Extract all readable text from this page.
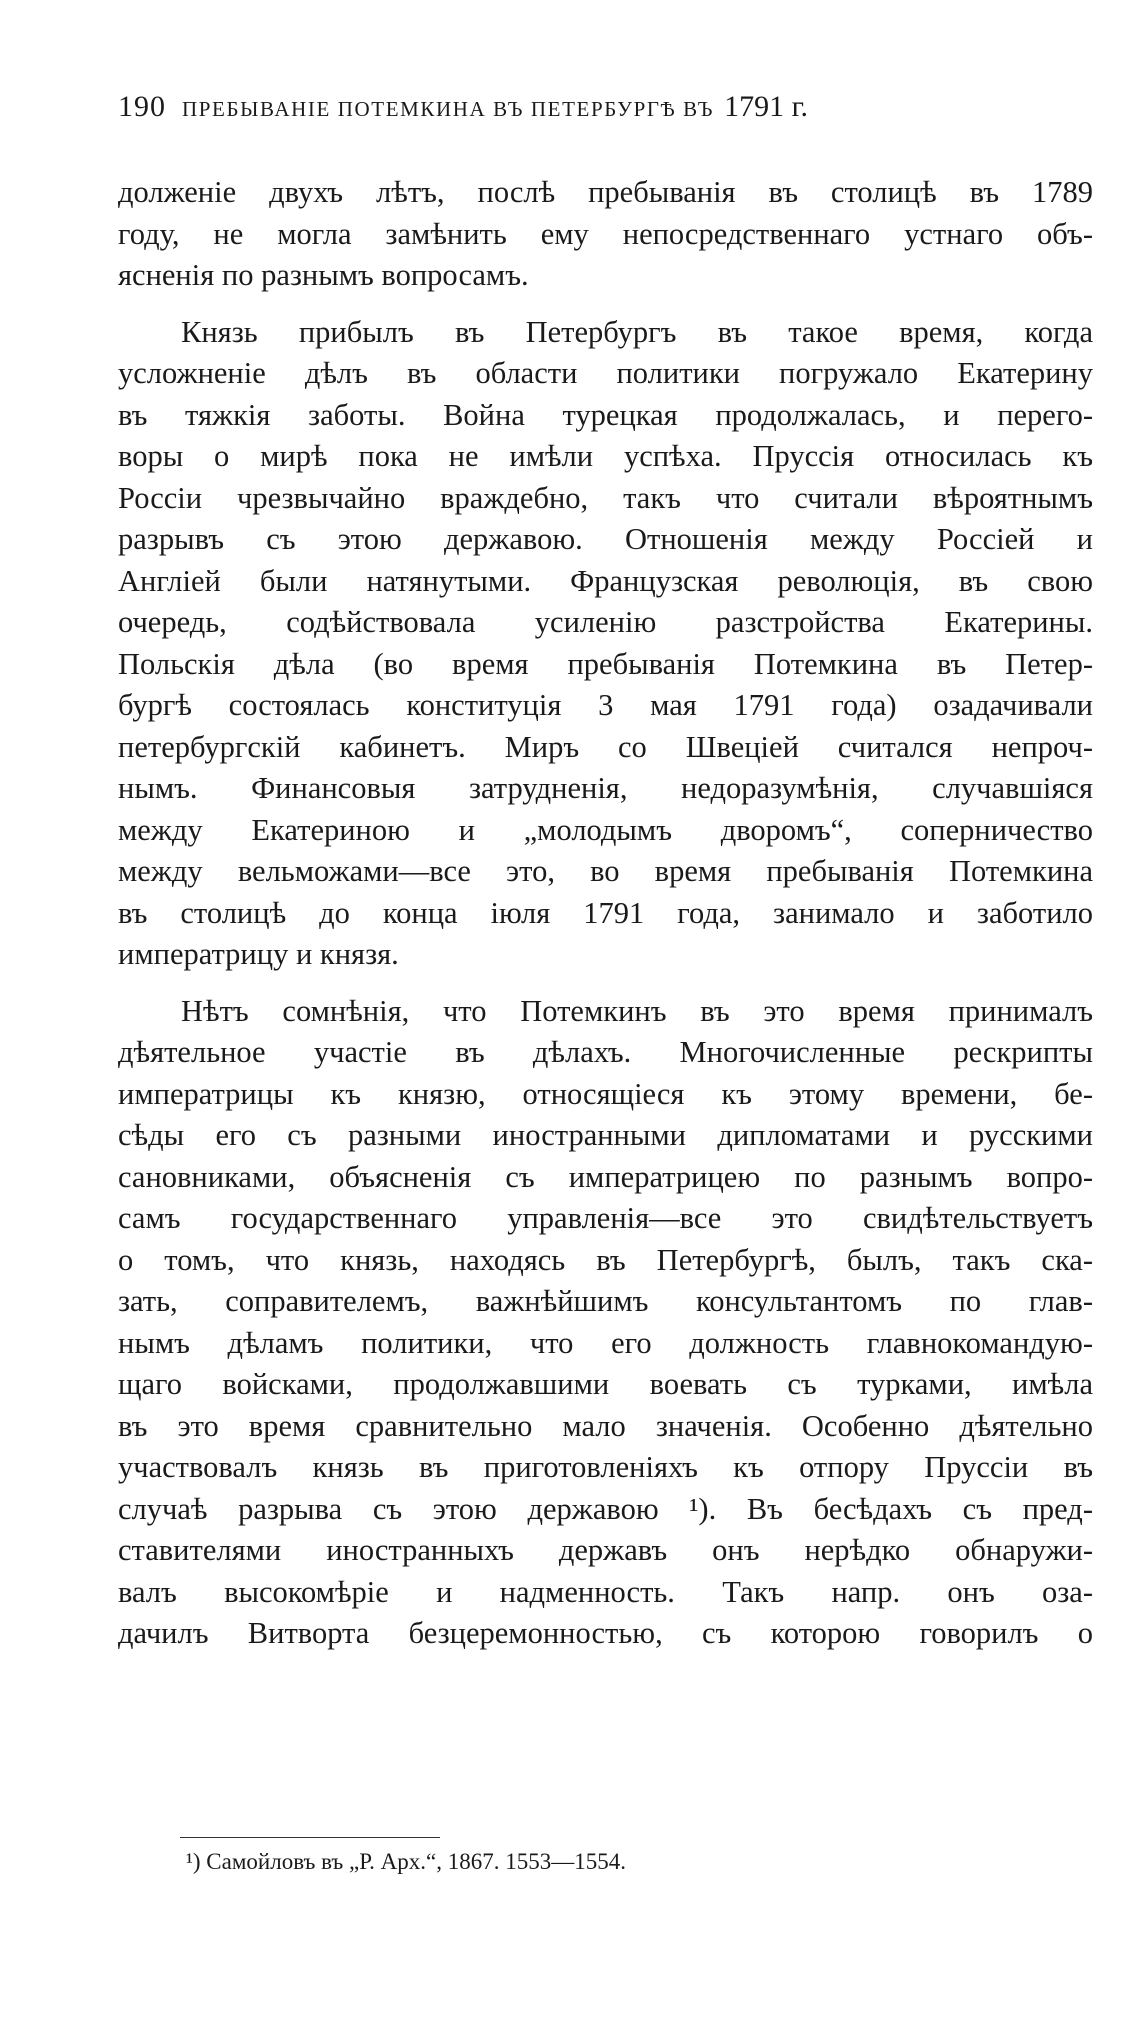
190 ПРЕБЫВАНІЕ ПОТЕМКИНА ВЪ ПЕТЕРБУРГѢ ВЪ 1791 г.
долженіе двухъ лѣтъ, послѣ пребыванія въ столицѣ въ 1789
году, не могла замѣнить ему непосредственнаго устнаго объ-
ясненія по разнымъ вопросамъ.
Князь прибылъ въ Петербургъ въ такое время, когда
усложненіе дѣлъ въ области политики погружало Екатерину
въ тяжкія заботы. Война турецкая продолжалась, и перего-
воры о мирѣ пока не имѣли успѣха. Пруссія относилась къ
Россіи чрезвычайно враждебно, такъ что считали вѣроятнымъ
разрывъ съ этою державою. Отношенія между Россіей и
Англіей были натянутыми. Французская революція, въ свою
очередь, содѣйствовала усиленію разстройства Екатерины.
Польскія дѣла (во время пребыванія Потемкина въ Петер-
бургѣ состоялась конституція 3 мая 1791 года) озадачивали
петербургскій кабинетъ. Миръ со Швеціей считался непроч-
нымъ. Финансовыя затрудненія, недоразумѣнія, случавшіяся
между Екатериною и „молодымъ дворомъ“, соперничество
между вельможами—все это, во время пребыванія Потемкина
въ столицѣ до конца іюля 1791 года, занимало и заботило
императрицу и князя.
Нѣтъ сомнѣнія, что Потемкинъ въ это время принималъ
дѣятельное участіе въ дѣлахъ. Многочисленные рескрипты
императрицы къ князю, относящіеся къ этому времени, бе-
сѣды его съ разными иностранными дипломатами и русскими
сановниками, объясненія съ императрицею по разнымъ вопро-
самъ государственнаго управленія—все это свидѣтельствуетъ
о томъ, что князь, находясь въ Петербургѣ, былъ, такъ ска-
зать, соправителемъ, важнѣйшимъ консультантомъ по глав-
нымъ дѣламъ политики, что его должность главнокомандую-
щаго войсками, продолжавшими воевать съ турками, имѣла
въ это время сравнительно мало значенія. Особенно дѣятельно
участвовалъ князь въ приготовленіяхъ къ отпору Пруссіи въ
случаѣ разрыва съ этою державою ¹). Въ бесѣдахъ съ пред-
ставителями иностранныхъ державъ онъ нерѣдко обнаружи-
валъ высокомѣріе и надменность. Такъ напр. онъ оза-
дачилъ Витворта безцеремонностью, съ которою говорилъ о
¹) Самойловъ въ „Р. Арх.“, 1867. 1553—1554.
